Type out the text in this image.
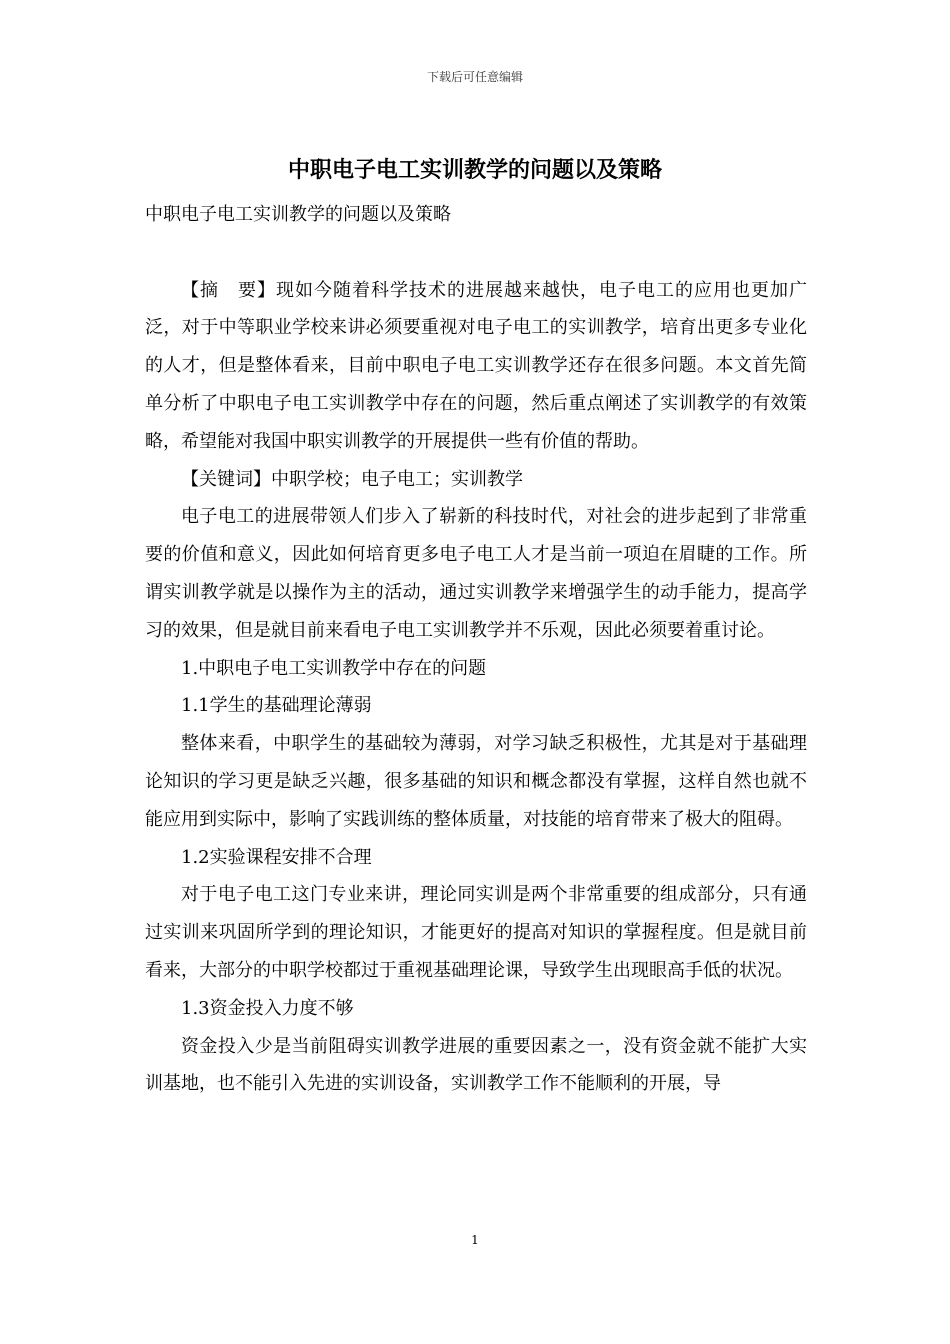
下载后可任意编辑
中职电子电工实训教学的问题以及策略

中职电子电工实训教学的问题以及策略

【摘　要】现如今随着科学技术的进展越来越快，电子电工的应用也更加广泛，对于中等职业学校来讲必须要重视对电子电工的实训教学，培育出更多专业化的人才，但是整体看来，目前中职电子电工实训教学还存在很多问题。本文首先简单分析了中职电子电工实训教学中存在的问题，然后重点阐述了实训教学的有效策略，希望能对我国中职实训教学的开展提供一些有价值的帮助。

【关键词】中职学校；电子电工；实训教学

电子电工的进展带领人们步入了崭新的科技时代，对社会的进步起到了非常重要的价值和意义，因此如何培育更多电子电工人才是当前一项迫在眉睫的工作。所谓实训教学就是以操作为主的活动，通过实训教学来增强学生的动手能力，提高学习的效果，但是就目前来看电子电工实训教学并不乐观，因此必须要着重讨论。

1.中职电子电工实训教学中存在的问题

1.1学生的基础理论薄弱

整体来看，中职学生的基础较为薄弱，对学习缺乏积极性，尤其是对于基础理论知识的学习更是缺乏兴趣，很多基础的知识和概念都没有掌握，这样自然也就不能应用到实际中，影响了实践训练的整体质量，对技能的培育带来了极大的阻碍。

1.2实验课程安排不合理

对于电子电工这门专业来讲，理论同实训是两个非常重要的组成部分，只有通过实训来巩固所学到的理论知识，才能更好的提高对知识的掌握程度。但是就目前看来，大部分的中职学校都过于重视基础理论课，导致学生出现眼高手低的状况。

1.3资金投入力度不够

资金投入少是当前阻碍实训教学进展的重要因素之一，没有资金就不能扩大实训基地，也不能引入先进的实训设备，实训教学工作不能顺利的开展，导

1
